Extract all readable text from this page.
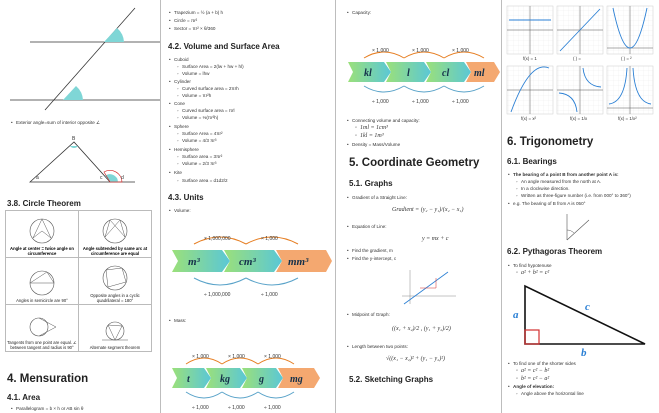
• Exterior angle=sum of interior opposite ∠
B
a	c	d
3.8. Circle Theorem
Angle at center = twice angle on circumference	Angle subtended by same arc at circumference are equal

Angles in semicircle are 90°	Opposite angles in a cyclic quadrilateral = 180°

Tangents from one point are equal. ∠ between tangent and radius is 90°	Alternate segment theorem
4. Mensuration
4.1. Area
• Parallelogram = b × h or AB sin θ
• Trapezium = ½ (a + b) h
• Circle = πr²
• Sector = πr² × θ/360
4.2. Volume and Surface Area
• Cuboid
◦ Surface Area = 2(lw + hw + hl)
◦ Volume = lhw
• Cylinder
◦ Curved surface area = 2πrh
◦ Volume = πr²h
• Cone
◦ Curved surface area = πrl
◦ Volume = ⅓(πr²h)
• Sphere
◦ Surface Area = 4πr²
◦ Volume = 4/3 πr³
• Hemisphere
◦ Surface area = 3πr²
◦ Volume = 2/3 πr³
• Kite
◦ Surface area = d1d2/2
4.3. Units
• Volume:
× 1,000,000	× 1,000
m³	cm³	mm³
÷ 1,000,000	÷ 1,000
• Mass:
× 1,000	× 1,000	× 1,000
t	kg	g	mg
÷ 1,000	÷ 1,000	÷ 1,000
• Capacity:
× 1,000	× 1,000	× 1,000
kl	l	cl ml
÷ 1,000	÷ 1,000	÷ 1,000
• Connecting volume and capacity:
◦ 1ml = 1cm³
◦ 1kl = 1m³
• Density = Mass/Volume
5. Coordinate Geometry
5.1. Graphs
• Gradient of a Straight Line:
Gradient = (y₂ − y₁)/(x₂ − x₁)
• Equation of Line:
y = mx + c
• Find the gradient, m
• Find the y-intercept, c
• Midpoint of Graph:
((x₁ + x₂)/2 , (y₁ + y₂)/2)
• Length between two points:
√((x₁ − x₂)² + (y₁ − y₂)²)
5.2. Sketching Graphs
f(x) = 1	( ) =	( ) = ²
f(x) = x²	f(x) = 1/x	f(x) = 1/x²
6. Trigonometry
6.1. Bearings
• The bearing of a point B from another point A is:
◦ An angle measured from the north at A.
◦ In a clockwise direction.
◦ Written as three-figure number (i.e. from 000° to 360°)
• e.g. The bearing of B from A is 050°
6.2. Pythagoras Theorem
• To find hypotenuse
◦ a² + b² = c²
a
c
b
• To find one of the shorter sides
◦ a² = c² − b²
◦ b² = c² − a²
• Angle of elevation:
◦ Angle above the horizontal line
